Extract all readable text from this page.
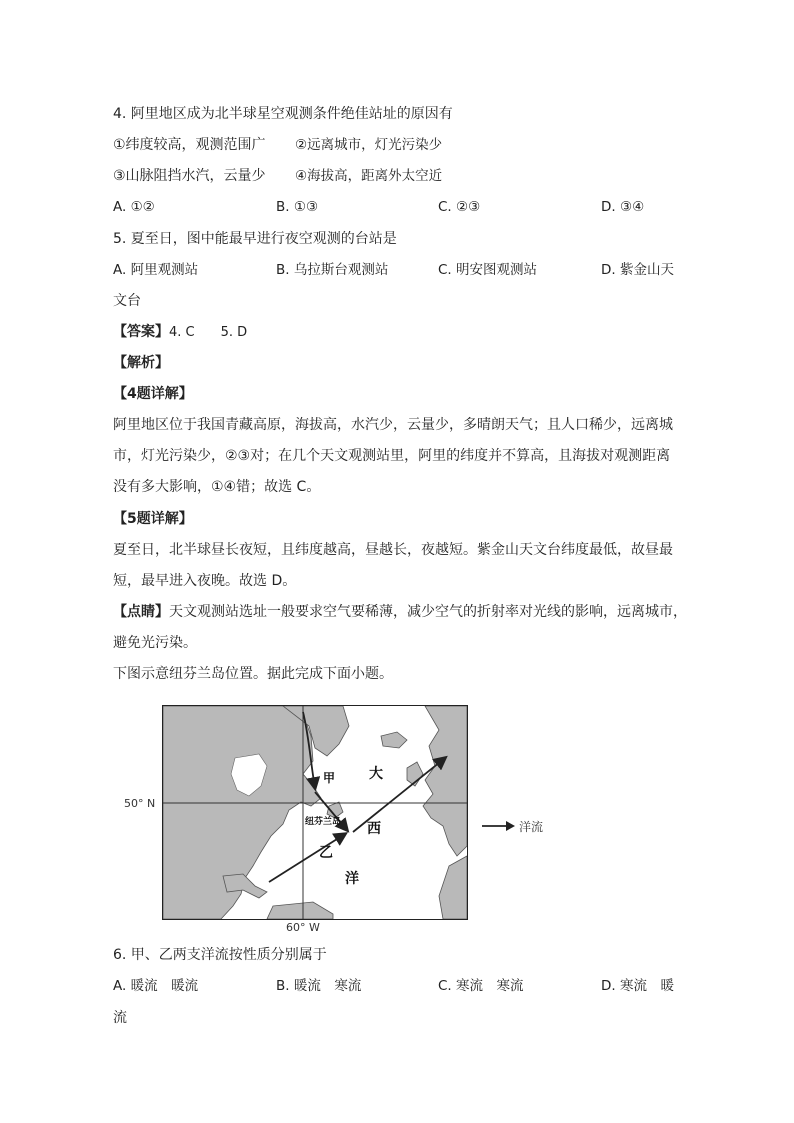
4. 阿里地区成为北半球星空观测条件绝佳站址的原因有
①纬度较高，观测范围广 ②远离城市，灯光污染少
③山脉阻挡水汽，云量少 ④海拔高，距离外太空近
A. ①②	B. ①③	C. ②③	D. ③④
5. 夏至日，图中能最早进行夜空观测的台站是
A. 阿里观测站	B. 乌拉斯台观测站	C. 明安图观测站	D. 紫金山天
文台
【答案】4. C　　5. D
【解析】
【4题详解】
阿里地区位于我国青藏高原，海拔高，水汽少，云量少，多晴朗天气；且人口稀少，远离城
市，灯光污染少，②③对；在几个天文观测站里，阿里的纬度并不算高，且海拔对观测距离
没有多大影响，①④错；故选 C。
【5题详解】
夏至日，北半球昼长夜短，且纬度越高，昼越长，夜越短。紫金山天文台纬度最低，故昼最
短，最早进入夜晚。故选 D。
【点睛】天文观测站选址一般要求空气要稀薄，减少空气的折射率对光线的影响，远离城市，
避免光污染。
下图示意纽芬兰岛位置。据此完成下面小题。
甲 大
西
乙
洋
纽芬兰岛
50° N
60° W
洋流
6. 甲、乙两支洋流按性质分别属于
A. 暖流　暖流	B. 暖流　寒流	C. 寒流　寒流	D. 寒流　暖
流
